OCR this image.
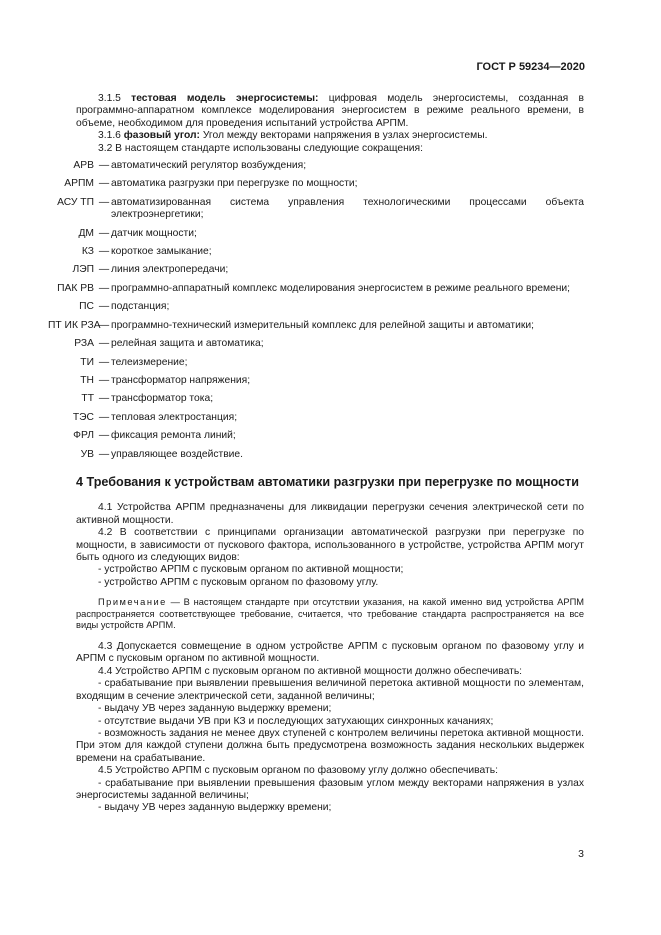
ГОСТ Р 59234—2020

3.1.5 тестовая модель энергосистемы: цифровая модель энергосистемы, созданная в программно-аппаратном комплексе моделирования энергосистем в режиме реального времени, в объеме, необходимом для проведения испытаний устройства АРПМ.

3.1.6 фазовый угол: Угол между векторами напряжения в узлах энергосистемы.

3.2 В настоящем стандарте использованы следующие сокращения:

АРВ — автоматический регулятор возбуждения;
АРПМ — автоматика разгрузки при перегрузке по мощности;
АСУ ТП — автоматизированная система управления технологическими процессами объекта электроэнергетики;
ДМ — датчик мощности;
КЗ — короткое замыкание;
ЛЭП — линия электропередачи;
ПАК РВ — программно-аппаратный комплекс моделирования энергосистем в режиме реального времени;
ПС — подстанция;
ПТ ИК РЗА
— программно-технический измерительный комплекс для релейной защиты и автоматики;
РЗА — релейная защита и автоматика;
ТИ — телеизмерение;
ТН — трансформатор напряжения;
ТТ — трансформатор тока;
ТЭС — тепловая электростанция;
ФРЛ — фиксация ремонта линий;
УВ — управляющее воздействие.
4 Требования к устройствам автоматики разгрузки при перегрузке по мощности

4.1 Устройства АРПМ предназначены для ликвидации перегрузки сечения электрической сети по активной мощности.

4.2 В соответствии с принципами организации автоматической разгрузки при перегрузке по мощности, в зависимости от пускового фактора, использованного в устройстве, устройства АРПМ могут быть одного из следующих видов:

- устройство АРПМ с пусковым органом по активной мощности;

- устройство АРПМ с пусковым органом по фазовому углу.

Примечание — В настоящем стандарте при отсутствии указания, на какой именно вид устройства АРПМ распространяется соответствующее требование, считается, что требование стандарта распространяется на все виды устройств АРПМ.

4.3 Допускается совмещение в одном устройстве АРПМ с пусковым органом по фазовому углу и АРПМ с пусковым органом по активной мощности.

4.4 Устройство АРПМ с пусковым органом по активной мощности должно обеспечивать:

- срабатывание при выявлении превышения величиной перетока активной мощности по элементам, входящим в сечение электрической сети, заданной величины;

- выдачу УВ через заданную выдержку времени;

- отсутствие выдачи УВ при КЗ и последующих затухающих синхронных качаниях;

- возможность задания не менее двух ступеней с контролем величины перетока активной мощности. При этом для каждой ступени должна быть предусмотрена возможность задания нескольких выдержек времени на срабатывание.

4.5 Устройство АРПМ с пусковым органом по фазовому углу должно обеспечивать:

- срабатывание при выявлении превышения фазовым углом между векторами напряжения в узлах энергосистемы заданной величины;

- выдачу УВ через заданную выдержку времени;

3
